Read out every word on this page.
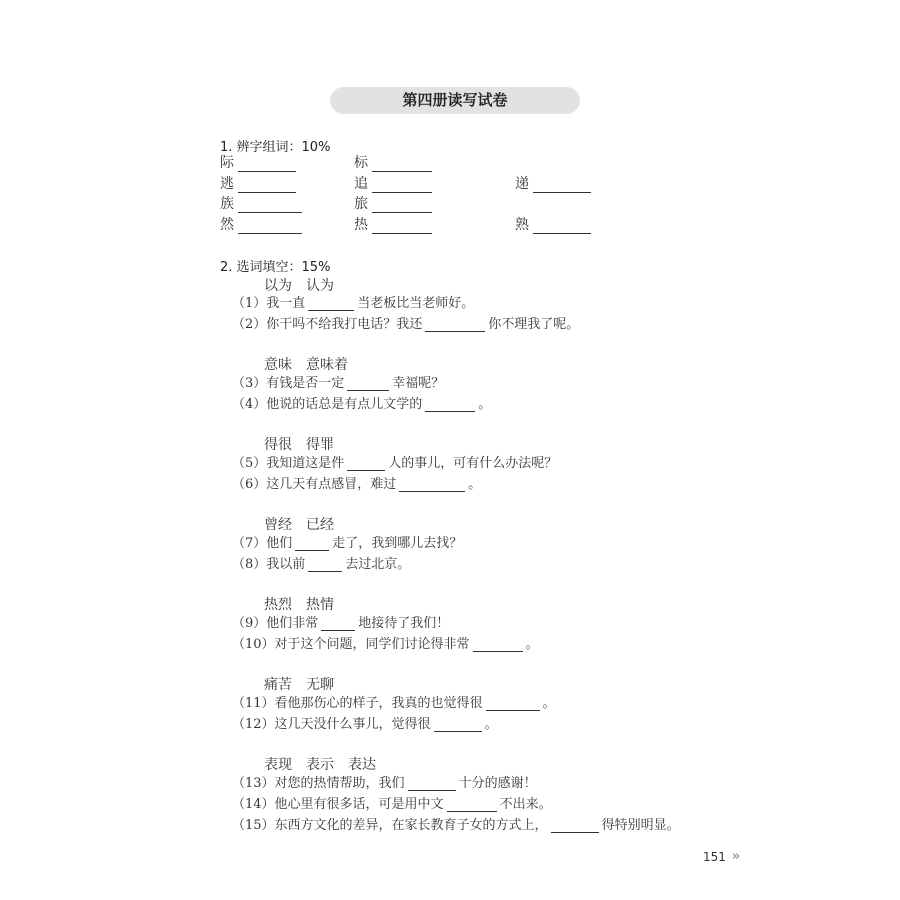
第四册读写试卷
1. 辨字组词：10%
际	标
逃	追	递
族	旅
然	热	熟
2. 选词填空：15%
以为　认为
（1） 我一直	当老板比当老师好。
（2） 你干吗不给我打电话？我还	你不理我了呢。
意味　意味着
（3） 有钱是否一定	幸福呢？
（4） 他说的话总是有点儿文学的	。
得很　得罪
（5） 我知道这是件	人的事儿，可有什么办法呢？
（6） 这几天有点感冒，难过	。
曾经　已经
（7） 他们	走了，我到哪儿去找？
（8） 我以前	去过北京。
热烈　热情
（9） 他们非常	地接待了我们！
（10） 对于这个问题，同学们讨论得非常	。
痛苦　无聊
（11） 看他那伤心的样子，我真的也觉得很	。
（12） 这几天没什么事儿，觉得很	。
表现　表示　表达
（13） 对您的热情帮助，我们	十分的感谢！
（14） 他心里有很多话，可是用中文	不出来。
（15） 东西方文化的差异，在家长教育子女的方式上，	得特别明显。
151 »
